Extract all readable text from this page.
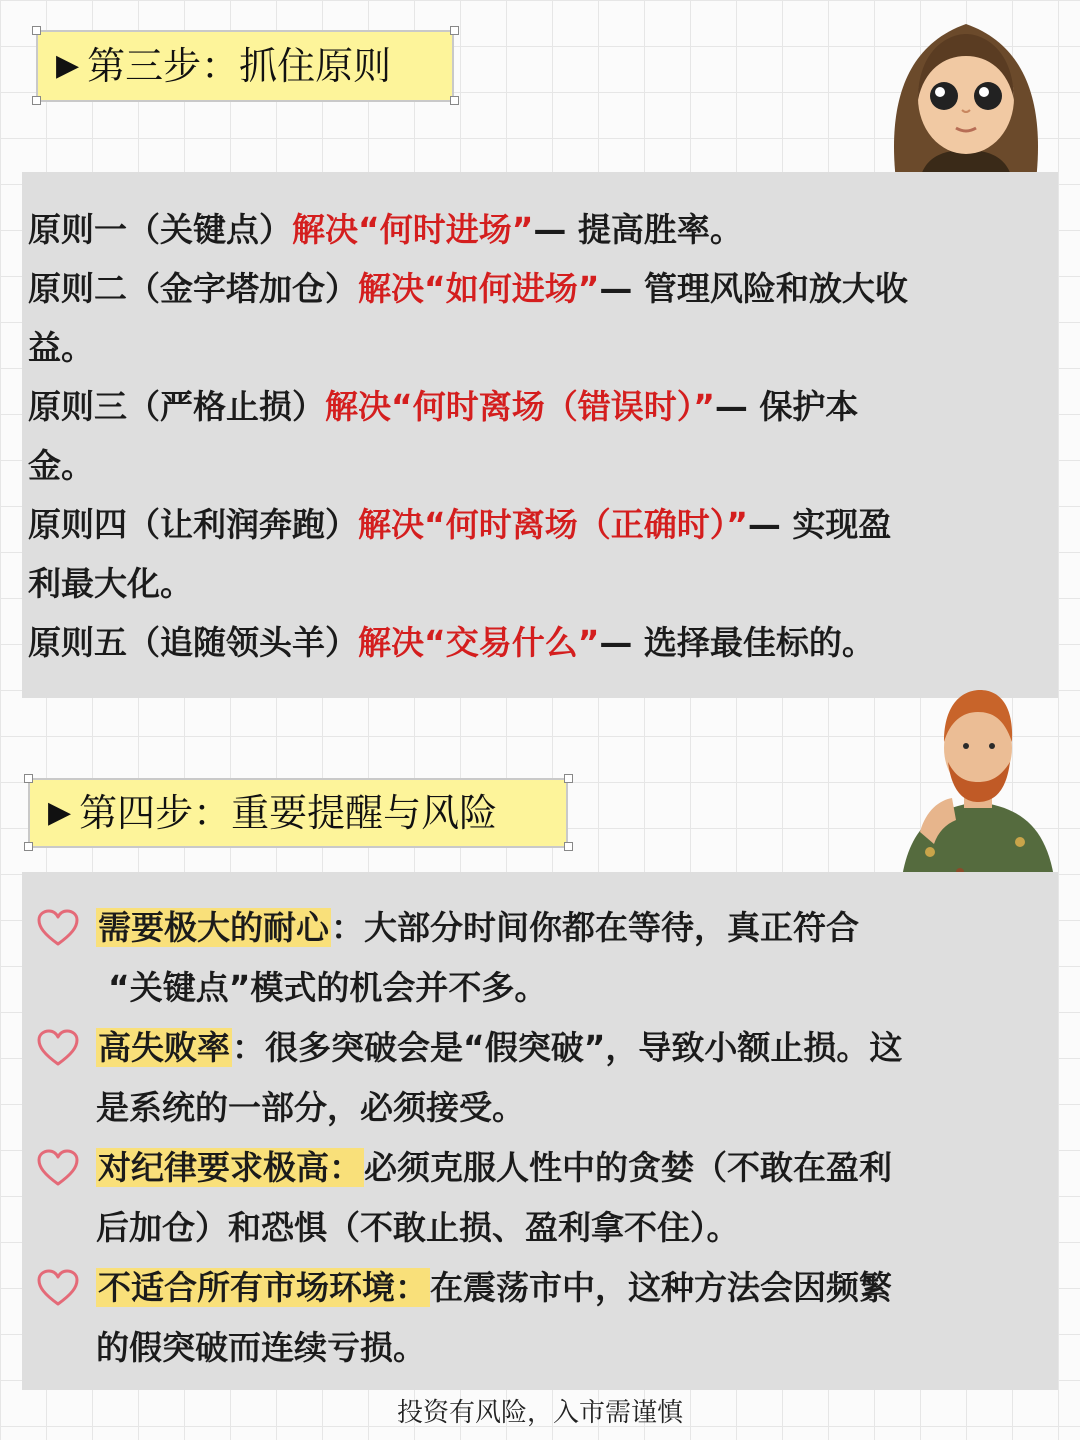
▶ 第三步：抓住原则
原则一（关键点）解决“何时进场”— 提高胜率。
原则二（金字塔加仓）解决“如何进场”— 管理风险和放大收
益。
原则三（严格止损）解决“何时离场（错误时）”— 保护本
金。
原则四（让利润奔跑）解决“何时离场（正确时）”— 实现盈
利最大化。
原则五（追随领头羊）解决“交易什么”— 选择最佳标的。
▶ 第四步：重要提醒与风险
需要极大的耐心：大部分时间你都在等待，真正符合
“关键点”模式的机会并不多。
高失败率：很多突破会是“假突破”，导致小额止损。这
是系统的一部分，必须接受。
对纪律要求极高：必须克服人性中的贪婪（不敢在盈利
后加仓）和恐惧（不敢止损、盈利拿不住）。
不适合所有市场环境：在震荡市中，这种方法会因频繁
的假突破而连续亏损。
投资有风险，入市需谨慎
